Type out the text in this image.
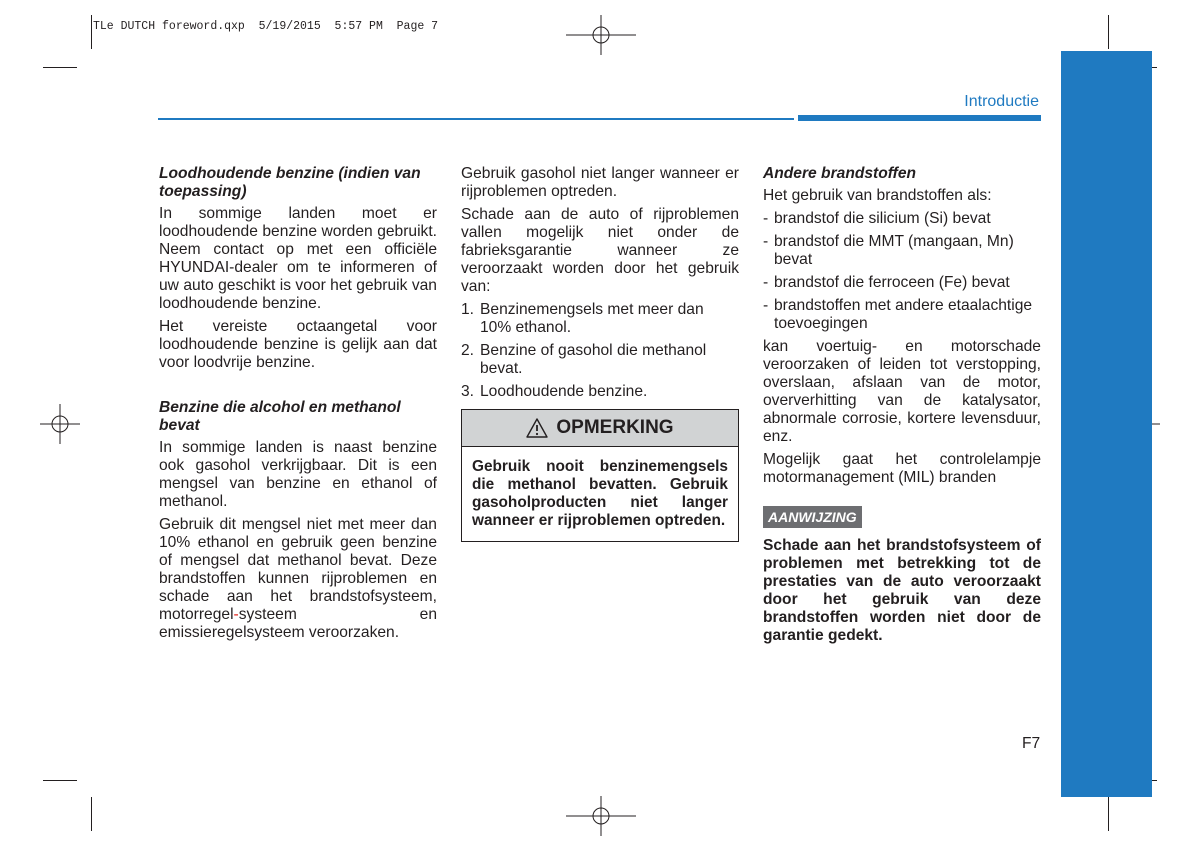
TLe DUTCH foreword.qxp  5/19/2015  5:57 PM  Page 7
Introductie
Loodhoudende benzine (indien van toepassing)

In sommige landen moet er loodhoudende benzine worden gebruikt. Neem contact op met een officiële HYUNDAI-dealer om te informeren of uw auto geschikt is voor het gebruik van loodhoudende benzine.

Het vereiste octaangetal voor loodhoudende benzine is gelijk aan dat voor loodvrije benzine.

Benzine die alcohol en methanol bevat

In sommige landen is naast benzine ook gasohol verkrijgbaar. Dit is een mengsel van benzine en ethanol of methanol.

Gebruik dit mengsel niet met meer dan 10% ethanol en gebruik geen benzine of mengsel dat methanol bevat. Deze brandstoffen kunnen rijproblemen en schade aan het brandstofsysteem, motorregel-systeem en emissieregelsysteem veroorzaken.

Gebruik gasohol niet langer wanneer er rijproblemen optreden.

Schade aan de auto of rijproblemen vallen mogelijk niet onder de fabrieksgarantie wanneer ze veroorzaakt worden door het gebruik van:

1. Benzinemengsels met meer dan 10% ethanol.
2. Benzine of gasohol die methanol bevat.
3. Loodhoudende benzine.
OPMERKING
Gebruik nooit benzinemengsels die methanol bevatten. Gebruik gasoholproducten niet langer wanneer er rijproblemen optreden.
Andere brandstoffen

Het gebruik van brandstoffen als:

- brandstof die silicium (Si) bevat
- brandstof die MMT (mangaan, Mn) bevat
- brandstof die ferroceen (Fe) bevat
- brandstoffen met andere etaalachtige toevoegingen

kan voertuig- en motorschade veroorzaken of leiden tot verstopping, overslaan, afslaan van de motor, oververhitting van de katalysator, abnormale corrosie, kortere levensduur, enz.

Mogelijk gaat het controlelampje motormanagement (MIL) branden

AANWIJZING
Schade aan het brandstofsysteem of problemen met betrekking tot de prestaties van de auto veroorzaakt door het gebruik van deze brandstoffen worden niet door de garantie gedekt.
F7
